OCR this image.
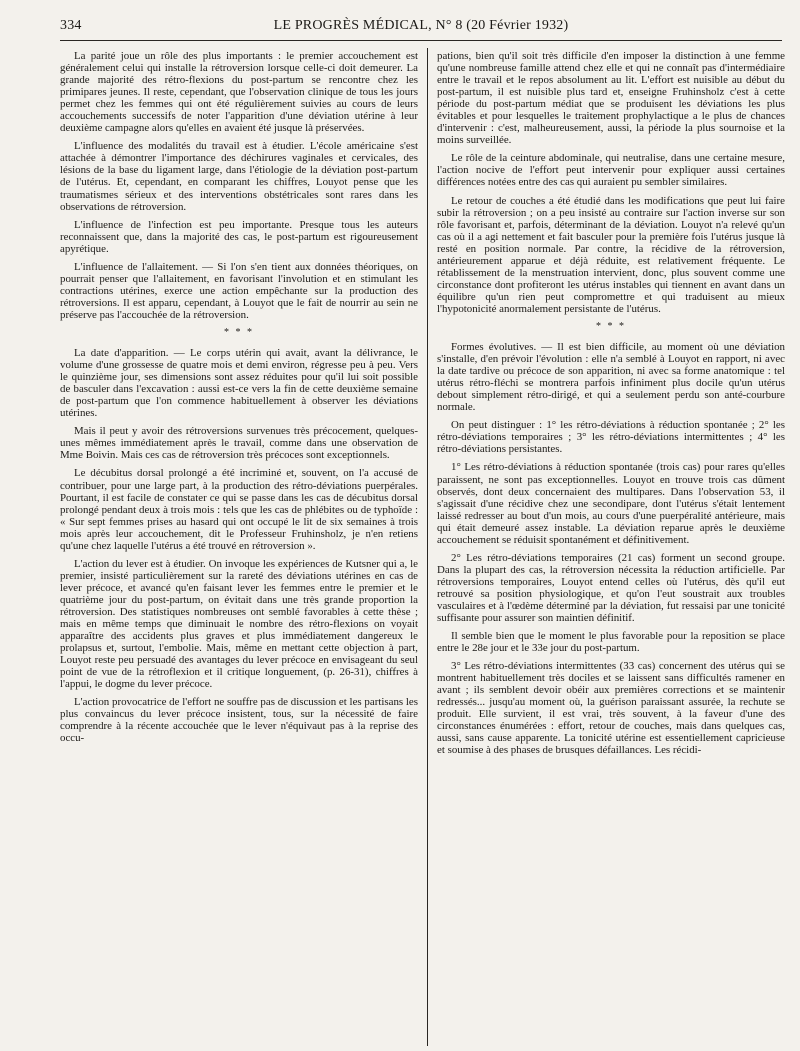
334	LE PROGRÈS MÉDICAL, N° 8 (20 Février 1932)

La parité joue un rôle des plus importants : le premier accouchement est généralement celui qui installe la rétroversion lorsque celle-ci doit demeurer. La grande majorité des rétro-flexions du post-partum se rencontre chez les primipares jeunes. Il reste, cependant, que l'observation clinique de tous les jours permet chez les femmes qui ont été régulièrement suivies au cours de leurs accouchements successifs de noter l'apparition d'une déviation utérine à leur deuxième campagne alors qu'elles en avaient été jusque là préservées.

L'influence des modalités du travail est à étudier. L'école américaine s'est attachée à démontrer l'importance des déchirures vaginales et cervicales, des lésions de la base du ligament large, dans l'étiologie de la déviation post-partum de l'utérus. Et, cependant, en comparant les chiffres, Louyot pense que les traumatismes sérieux et des interventions obstétricales sont rares dans les observations de rétroversion.

L'influence de l'infection est peu importante. Presque tous les auteurs reconnaissent que, dans la majorité des cas, le post-partum est rigoureusement apyrétique.

L'influence de l'allaitement. — Si l'on s'en tient aux données théoriques, on pourrait penser que l'allaitement, en favorisant l'involution et en stimulant les contractions utérines, exerce une action empêchante sur la production des rétroversions. Il est apparu, cependant, à Louyot que le fait de nourrir au sein ne préserve pas l'accouchée de la rétroversion.

* * *

La date d'apparition. — Le corps utérin qui avait, avant la délivrance, le volume d'une grossesse de quatre mois et demi environ, régresse peu à peu. Vers le quinzième jour, ses dimensions sont assez réduites pour qu'il lui soit possible de basculer dans l'excavation : aussi est-ce vers la fin de cette deuxième semaine de post-partum que l'on commence habituellement à observer les déviations utérines.

Mais il peut y avoir des rétroversions survenues très précocement, quelques-unes mêmes immédiatement après le travail, comme dans une observation de Mme Boivin. Mais ces cas de rétroversion très précoces sont exceptionnels.

Le décubitus dorsal prolongé a été incriminé et, souvent, on l'a accusé de contribuer, pour une large part, à la production des rétro-déviations puerpérales. Pourtant, il est facile de constater ce qui se passe dans les cas de décubitus dorsal prolongé pendant deux à trois mois : tels que les cas de phlébites ou de typhoïde : « Sur sept femmes prises au hasard qui ont occupé le lit de six semaines à trois mois après leur accouchement, dit le Professeur Fruhinsholz, je n'en retiens qu'une chez laquelle l'utérus a été trouvé en rétroversion ».

L'action du lever est à étudier. On invoque les expériences de Kutsner qui a, le premier, insisté particulièrement sur la rareté des déviations utérines en cas de lever précoce, et avancé qu'en faisant lever les femmes entre le premier et le quatrième jour du post-partum, on évitait dans une très grande proportion la rétroversion. Des statistiques nombreuses ont semblé favorables à cette thèse ; mais en même temps que diminuait le nombre des rétro-flexions on voyait apparaître des accidents plus graves et plus immédiatement dangereux le prolapsus et, surtout, l'embolie. Mais, même en mettant cette objection à part, Louyot reste peu persuadé des avantages du lever précoce en envisageant du seul point de vue de la rétroflexion et il critique longuement, (p. 26-31), chiffres à l'appui, le dogme du lever précoce.

L'action provocatrice de l'effort ne souffre pas de discussion et les partisans les plus convaincus du lever précoce insistent, tous, sur la nécessité de faire comprendre à la récente accouchée que le lever n'équivaut pas à la reprise des occu-

pations, bien qu'il soit très difficile d'en imposer la distinction à une femme qu'une nombreuse famille attend chez elle et qui ne connaît pas d'intermédiaire entre le travail et le repos absolument au lit. L'effort est nuisible au début du post-partum, il est nuisible plus tard et, enseigne Fruhinsholz c'est à cette période du post-partum médiat que se produisent les déviations les plus évitables et pour lesquelles le traitement prophylactique a le plus de chances d'intervenir : c'est, malheureusement, aussi, la période la plus sournoise et la moins surveillée.

Le rôle de la ceinture abdominale, qui neutralise, dans une certaine mesure, l'action nocive de l'effort peut intervenir pour expliquer aussi certaines différences notées entre des cas qui auraient pu sembler similaires.

Le retour de couches a été étudié dans les modifications que peut lui faire subir la rétroversion ; on a peu insisté au contraire sur l'action inverse sur son rôle favorisant et, parfois, déterminant de la déviation. Louyot n'a relevé qu'un cas où il a agi nettement et fait basculer pour la première fois l'utérus jusque là resté en position normale. Par contre, la récidive de la rétroversion, antérieurement apparue et déjà réduite, est relativement fréquente. Le rétablissement de la menstruation intervient, donc, plus souvent comme une circonstance dont profiteront les utérus instables qui tiennent en avant dans un équilibre qu'un rien peut compromettre et qui traduisent au mieux l'hypotonicité anormalement persistante de l'utérus.

* * *

Formes évolutives. — Il est bien difficile, au moment où une déviation s'installe, d'en prévoir l'évolution : elle n'a semblé à Louyot en rapport, ni avec la date tardive ou précoce de son apparition, ni avec sa forme anatomique : tel utérus rétro-fléchi se montrera parfois infiniment plus docile qu'un utérus debout simplement rétro-dirigé, et qui a seulement perdu son anté-courbure normale.

On peut distinguer : 1° les rétro-déviations à réduction spontanée ; 2° les rétro-déviations temporaires ; 3° les rétro-déviations intermittentes ; 4° les rétro-déviations persistantes.

1° Les rétro-déviations à réduction spontanée (trois cas) pour rares qu'elles paraissent, ne sont pas exceptionnelles. Louyot en trouve trois cas dûment observés, dont deux concernaient des multipares. Dans l'observation 53, il s'agissait d'une récidive chez une secondipare, dont l'utérus s'était lentement laissé redresser au bout d'un mois, au cours d'une puerpéralité antérieure, mais qui était demeuré assez instable. La déviation reparue après le deuxième accouchement se réduisit spontanément et définitivement.

2° Les rétro-déviations temporaires (21 cas) forment un second groupe. Dans la plupart des cas, la rétroversion nécessita la réduction artificielle. Par rétroversions temporaires, Louyot entend celles où l'utérus, dès qu'il eut retrouvé sa position physiologique, et qu'on l'eut soustrait aux troubles vasculaires et à l'œdème déterminé par la déviation, fut ressaisi par une tonicité suffisante pour assurer son maintien définitif.

Il semble bien que le moment le plus favorable pour la reposition se place entre le 28e jour et le 33e jour du post-partum.

3° Les rétro-déviations intermittentes (33 cas) concernent des utérus qui se montrent habituellement très dociles et se laissent sans difficultés ramener en avant ; ils semblent devoir obéir aux premières corrections et se maintenir redressés... jusqu'au moment où, la guérison paraissant assurée, la rechute se produit. Elle survient, il est vrai, très souvent, à la faveur d'une des circonstances énumérées : effort, retour de couches, mais dans quelques cas, aussi, sans cause apparente. La tonicité utérine est essentiellement capricieuse et soumise à des phases de brusques défaillances. Les récidi-
